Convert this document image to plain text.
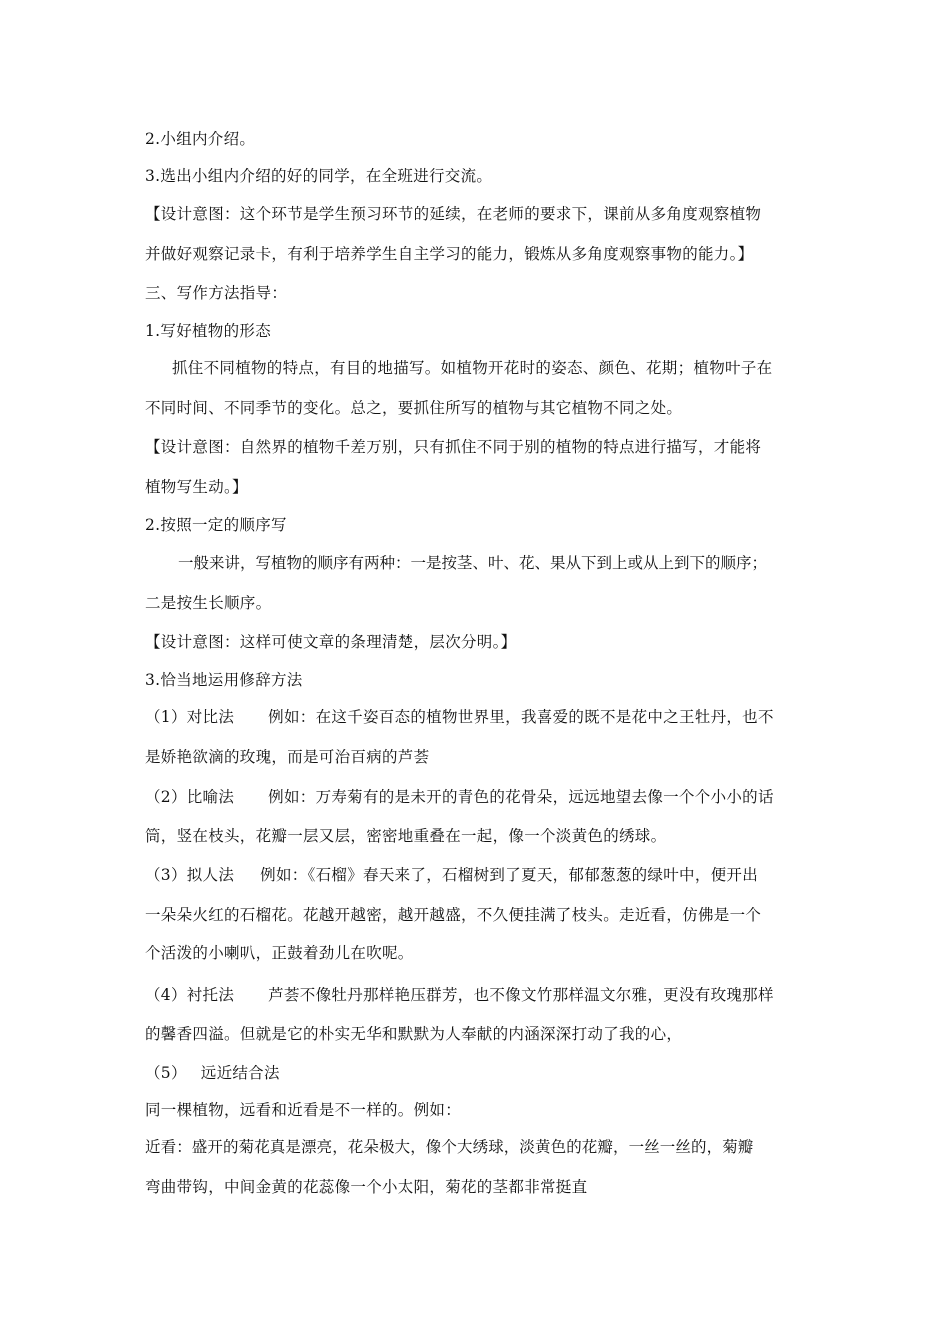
2.小组内介绍。
3.选出小组内介绍的好的同学，在全班进行交流。
【设计意图：这个环节是学生预习环节的延续，在老师的要求下，课前从多角度观察植物
并做好观察记录卡，有利于培养学生自主学习的能力，锻炼从多角度观察事物的能力。】
三、写作方法指导：
1.写好植物的形态
抓住不同植物的特点，有目的地描写。如植物开花时的姿态、颜色、花期；植物叶子在
不同时间、不同季节的变化。总之，要抓住所写的植物与其它植物不同之处。
【设计意图：自然界的植物千差万别，只有抓住不同于别的植物的特点进行描写，才能将
植物写生动。】
2.按照一定的顺序写
一般来讲，写植物的顺序有两种：一是按茎、叶、花、果从下到上或从上到下的顺序；
二是按生长顺序。
【设计意图：这样可使文章的条理清楚，层次分明。】
3.恰当地运用修辞方法
（1）对比法 例如：在这千姿百态的植物世界里，我喜爱的既不是花中之王牡丹，也不
是娇艳欲滴的玫瑰，而是可治百病的芦荟
（2）比喻法 例如：万寿菊有的是未开的青色的花骨朵，远远地望去像一个个小小的话
筒，竖在枝头，花瓣一层又层，密密地重叠在一起，像一个淡黄色的绣球。
（3）拟人法 例如：《石榴》春天来了，石榴树到了夏天，郁郁葱葱的绿叶中，便开出
一朵朵火红的石榴花。花越开越密，越开越盛，不久便挂满了枝头。走近看，仿佛是一个
个活泼的小喇叭，正鼓着劲儿在吹呢。
（4）衬托法 芦荟不像牡丹那样艳压群芳，也不像文竹那样温文尔雅，更没有玫瑰那样
的馨香四溢。但就是它的朴实无华和默默为人奉献的内涵深深打动了我的心，
（5） 远近结合法
同一棵植物，远看和近看是不一样的。例如：
近看：盛开的菊花真是漂亮，花朵极大，像个大绣球，淡黄色的花瓣，一丝一丝的，菊瓣
弯曲带钩，中间金黄的花蕊像一个小太阳，菊花的茎都非常挺直
